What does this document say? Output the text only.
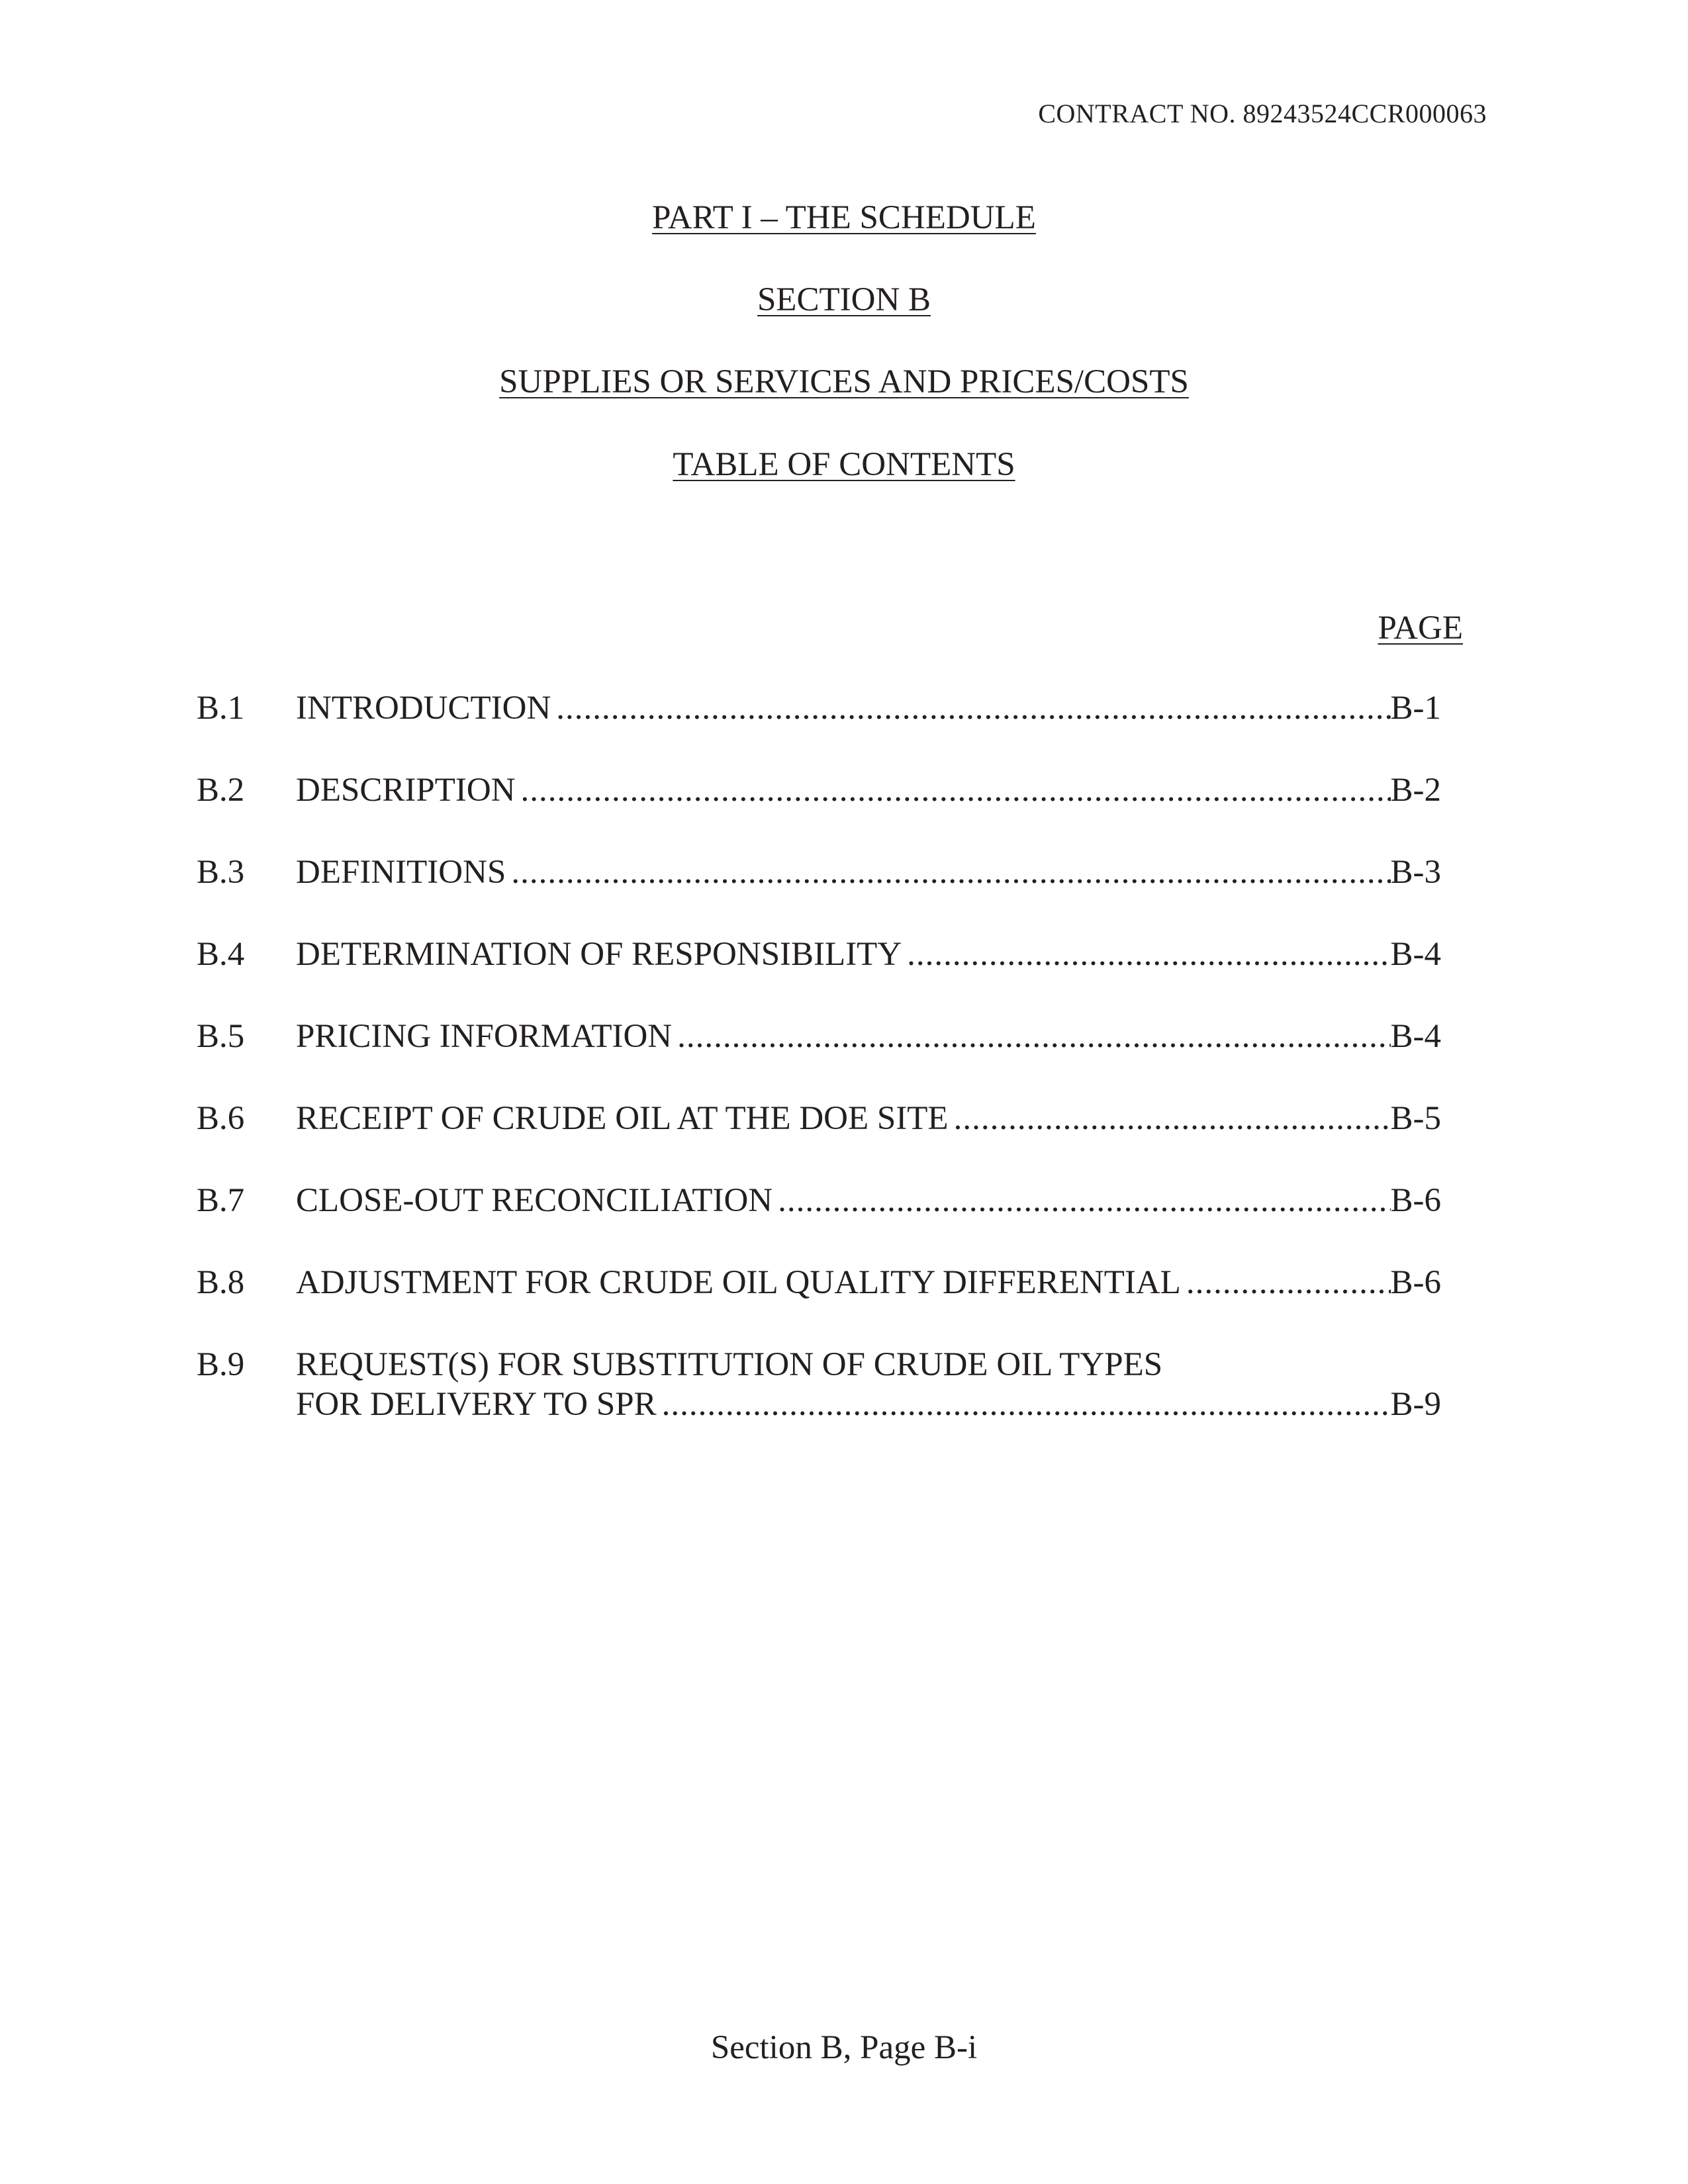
CONTRACT NO. 89243524CCR000063
PART I – THE SCHEDULE
SECTION B
SUPPLIES OR SERVICES AND PRICES/COSTS
TABLE OF CONTENTS
PAGE
B.1 INTRODUCTION .....	B-1
B.2 DESCRIPTION .....	B-2
B.3 DEFINITIONS .....	B-3
B.4 DETERMINATION OF RESPONSIBILITY .....	B-4
B.5 PRICING INFORMATION .....	B-4
B.6 RECEIPT OF CRUDE OIL AT THE DOE SITE .....	B-5
B.7 CLOSE-OUT RECONCILIATION .....	B-6
B.8 ADJUSTMENT FOR CRUDE OIL QUALITY DIFFERENTIAL .....	B-6
B.9 REQUEST(S) FOR SUBSTITUTION OF CRUDE OIL TYPES
FOR DELIVERY TO SPR .....	B-9
Section B, Page B-i
